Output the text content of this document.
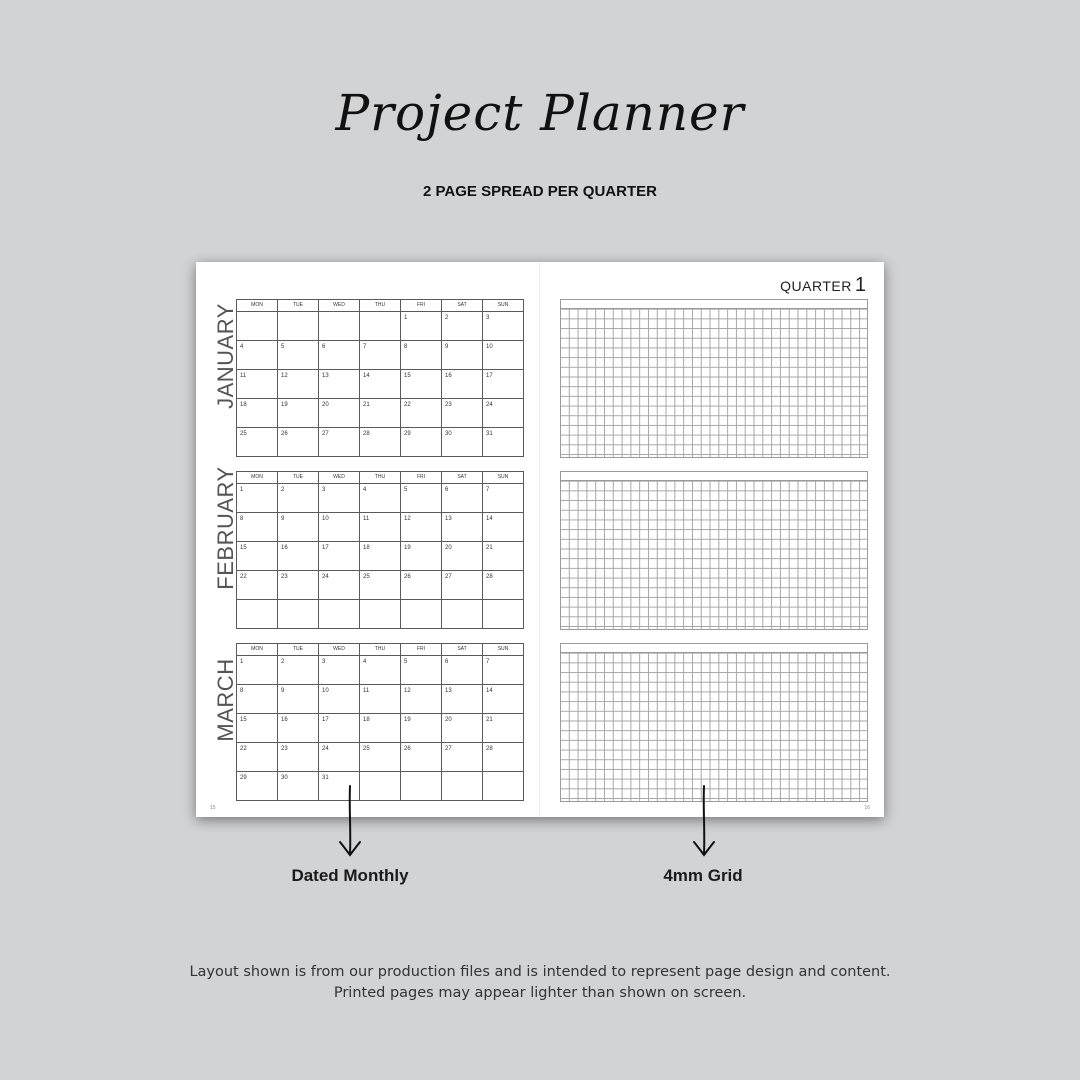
Project Planner
2 PAGE SPREAD PER QUARTER
JANUARY	MON	TUE	WED	THU	FRI	SAT	SUN

				1	2	3

4	5	6	7	8	9	10

11	12	13	14	15	16	17

18	19	20	21	22	23	24

25	26	27	28	29	30	31
FEBRUARY	MON	TUE	WED	THU	FRI	SAT	SUN

1	2	3	4	5	6	7

8	9	10	11	12	13	14

15	16	17	18	19	20	21

22	23	24	25	26	27	28

MARCH
MON	TUE	WED	THU	FRI	SAT	SUN

1	2	3	4	5	6	7

8	9	10	11	12	13	14

15	16	17	18	19	20	21

22	23	24	25	26	27	28

29	30	31				

QUARTER 1
15	16
Dated Monthly	4mm Grid
Layout shown is from our production files and is intended to represent page design and content.
Printed pages may appear lighter than shown on screen.
